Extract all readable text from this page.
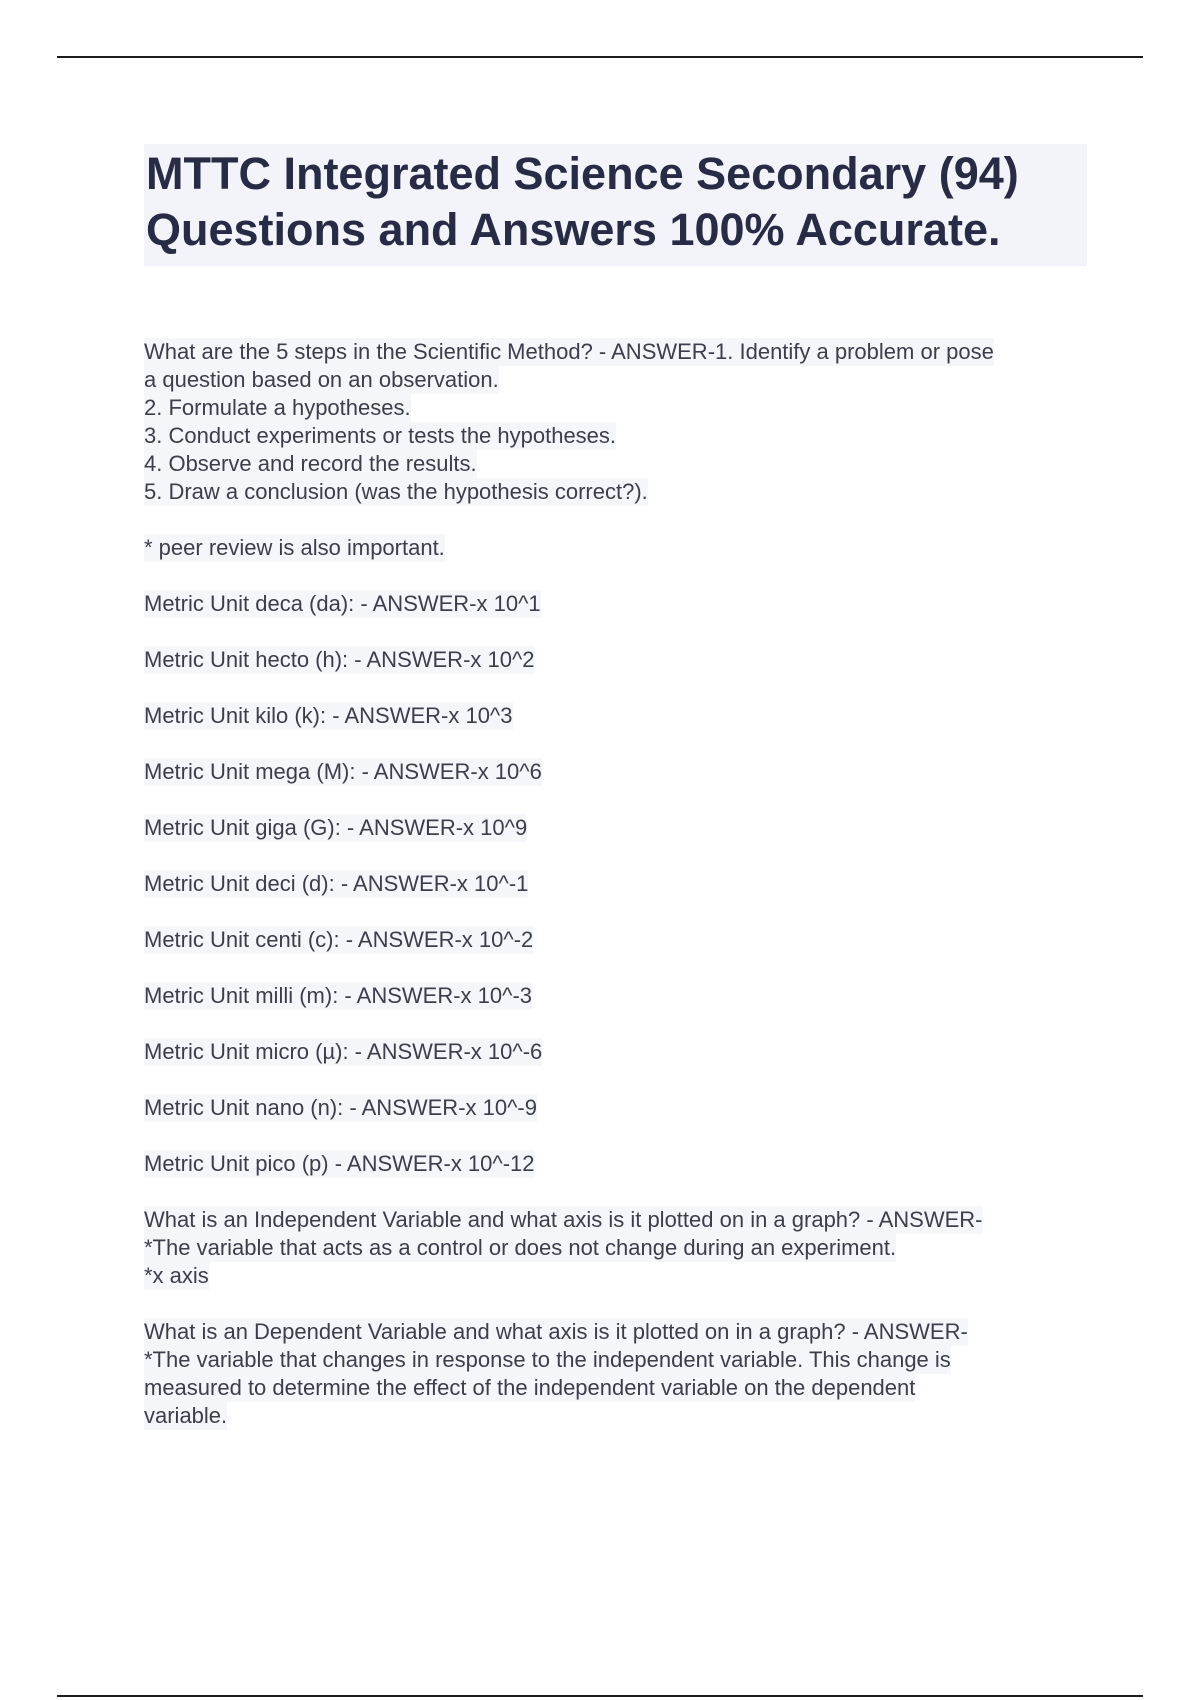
MTTC Integrated Science Secondary (94)
Questions and Answers 100% Accurate.
What are the 5 steps in the Scientific Method? - ANSWER-1. Identify a problem or pose
a question based on an observation.
2. Formulate a hypotheses.
3. Conduct experiments or tests the hypotheses.
4. Observe and record the results.
5. Draw a conclusion (was the hypothesis correct?).
* peer review is also important.
Metric Unit deca (da): - ANSWER-x 10^1
Metric Unit hecto (h): - ANSWER-x 10^2
Metric Unit kilo (k): - ANSWER-x 10^3
Metric Unit mega (M): - ANSWER-x 10^6
Metric Unit giga (G): - ANSWER-x 10^9
Metric Unit deci (d): - ANSWER-x 10^-1
Metric Unit centi (c): - ANSWER-x 10^-2
Metric Unit milli (m): - ANSWER-x 10^-3
Metric Unit micro (µ): - ANSWER-x 10^-6
Metric Unit nano (n): - ANSWER-x 10^-9
Metric Unit pico (p) - ANSWER-x 10^-12
What is an Independent Variable and what axis is it plotted on in a graph? - ANSWER-
*The variable that acts as a control or does not change during an experiment.
*x axis
What is an Dependent Variable and what axis is it plotted on in a graph? - ANSWER-
*The variable that changes in response to the independent variable. This change is
measured to determine the effect of the independent variable on the dependent
variable.
